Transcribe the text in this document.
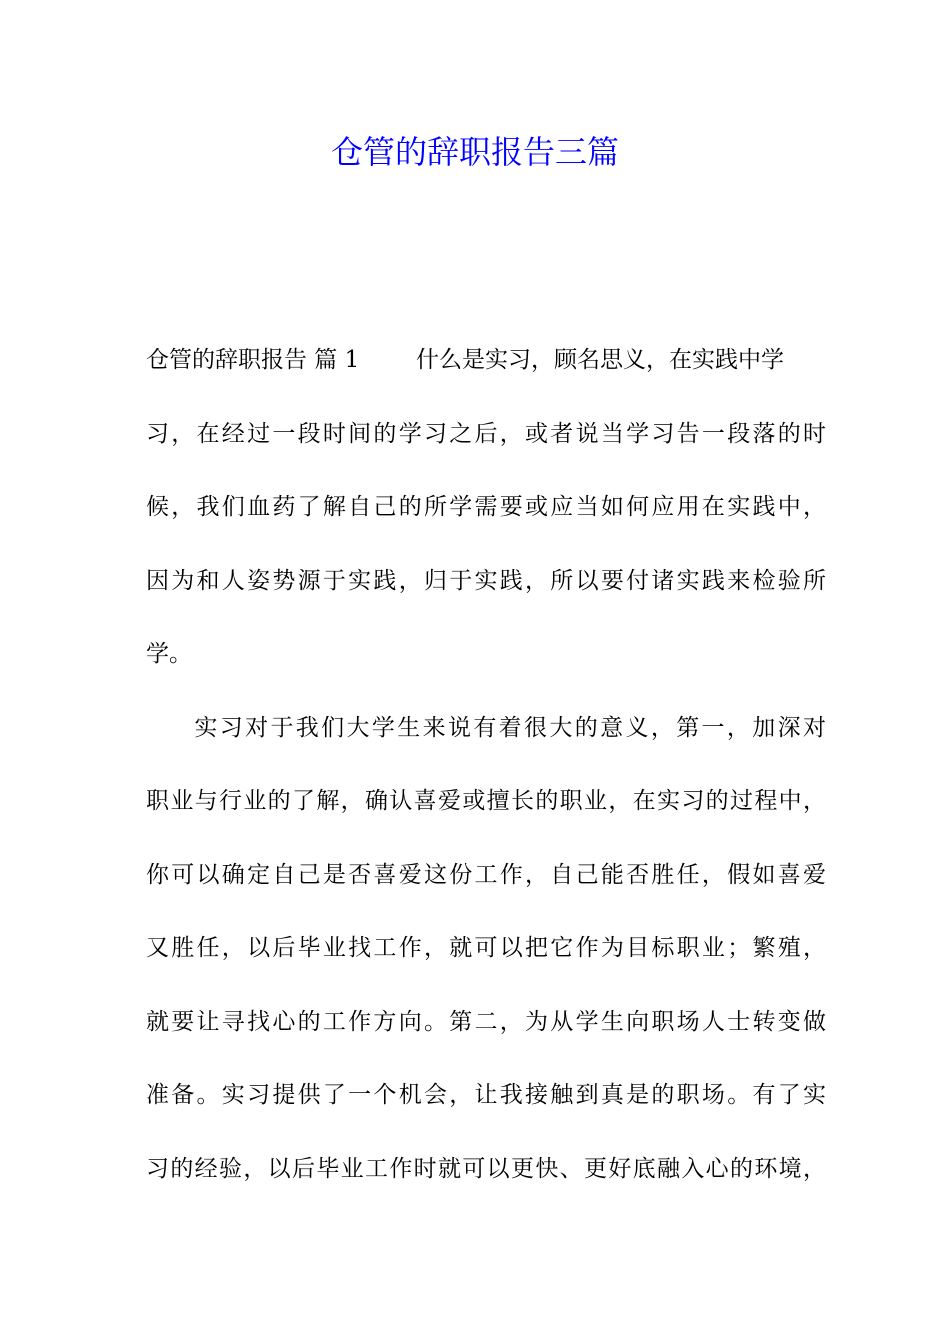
仓管的辞职报告三篇
仓管的辞职报告 篇 1 什么是实习，顾名思义，在实践中学
习，在经过一段时间的学习之后，或者说当学习告一段落的时
候，我们血药了解自己的所学需要或应当如何应用在实践中，
因为和人姿势源于实践，归于实践，所以要付诸实践来检验所
学。
实习对于我们大学生来说有着很大的意义，第一，加深对
职业与行业的了解，确认喜爱或擅长的职业，在实习的过程中，
你可以确定自己是否喜爱这份工作，自己能否胜任，假如喜爱
又胜任，以后毕业找工作，就可以把它作为目标职业；繁殖，
就要让寻找心的工作方向。第二，为从学生向职场人士转变做
准备。实习提供了一个机会，让我接触到真是的职场。有了实
习的经验，以后毕业工作时就可以更快、更好底融入心的环境，
